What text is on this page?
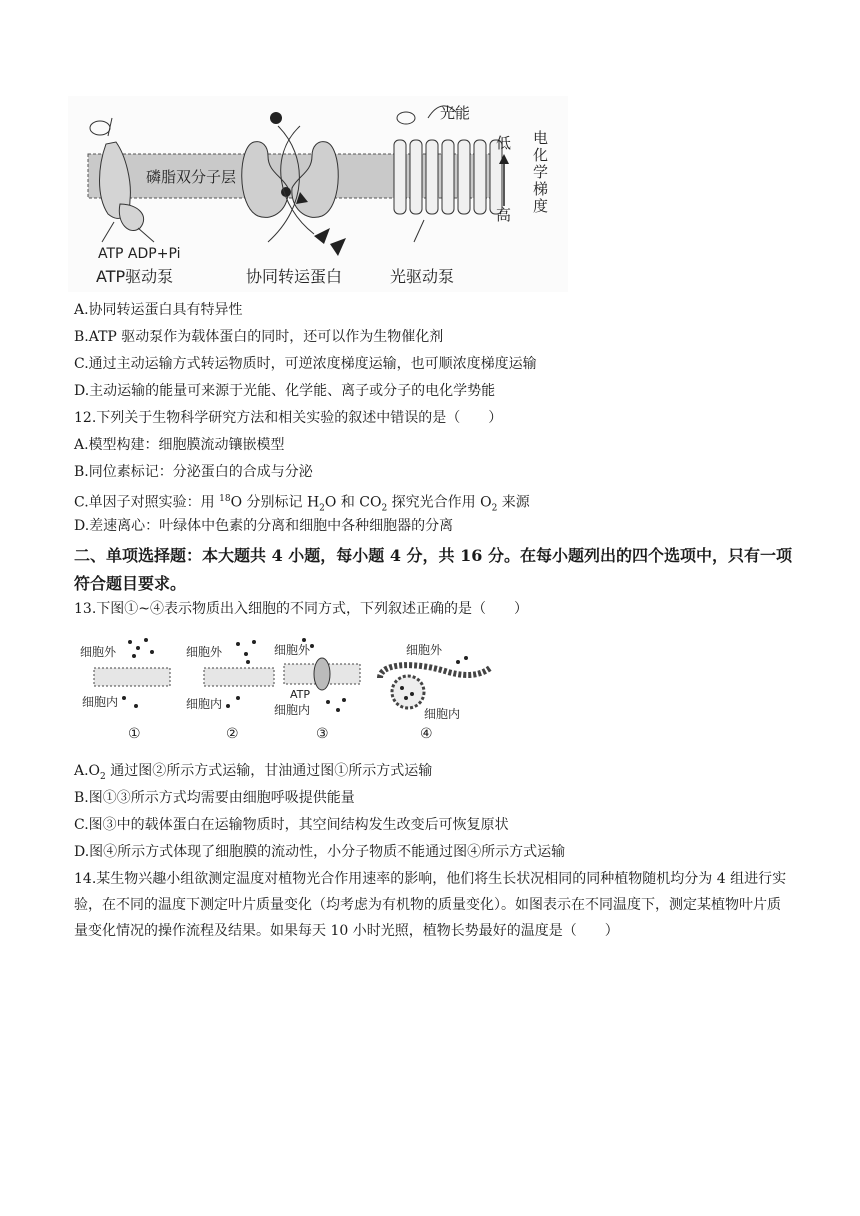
磷脂双分子层
ATP ADP+Pi
光能
低
高 电化学梯度
ATP驱动泵	协同转运蛋白	光驱动泵
A.协同转运蛋白具有特异性
B.ATP 驱动泵作为载体蛋白的同时，还可以作为生物催化剂
C.通过主动运输方式转运物质时，可逆浓度梯度运输，也可顺浓度梯度运输
D.主动运输的能量可来源于光能、化学能、离子或分子的电化学势能
12.下列关于生物科学研究方法和相关实验的叙述中错误的是（　　）
A.模型构建：细胞膜流动镶嵌模型
B.同位素标记：分泌蛋白的合成与分泌
C.单因子对照实验：用 $^{18}$O 分别标记 $H_2O$ 和 $CO_2$ 探究光合作用 $O_2$ 来源
D.差速离心：叶绿体中色素的分离和细胞中各种细胞器的分离
二、单项选择题：本大题共 4 小题，每小题 4 分，共 16 分。在每小题列出的四个选项中，只有一项符合题目要求。
13.下图①~④表示物质出入细胞的不同方式，下列叙述正确的是（　　）
细胞外
细胞内
①
细胞外
细胞内
②
细胞外
ATP
细胞内
③
细胞外
细胞内
④
$A.O_2$ 通过图②所示方式运输，甘油通过图①所示方式运输
B.图①③所示方式均需要由细胞呼吸提供能量
C.图③中的载体蛋白在运输物质时，其空间结构发生改变后可恢复原状
D.图④所示方式体现了细胞膜的流动性，小分子物质不能通过图④所示方式运输
14.某生物兴趣小组欲测定温度对植物光合作用速率的影响，他们将生长状况相同的同种植物随机均分为 4 组进行实验，在不同的温度下测定叶片质量变化（均考虑为有机物的质量变化）。如图表示在不同温度下，测定某植物叶片质量变化情况的操作流程及结果。如果每天 10 小时光照，植物长势最好的温度是（　　）
